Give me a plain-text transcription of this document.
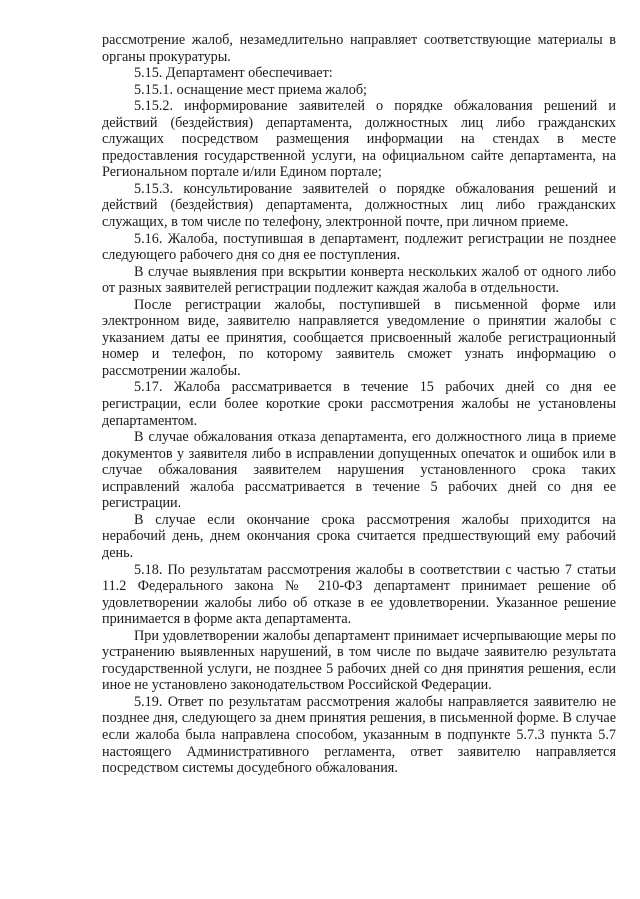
рассмотрение жалоб, незамедлительно направляет соответствующие материалы в органы прокуратуры.

5.15. Департамент обеспечивает:

5.15.1. оснащение мест приема жалоб;

5.15.2. информирование заявителей о порядке обжалования решений и действий (бездействия) департамента, должностных лиц либо гражданских служащих посредством размещения информации на стендах в месте предоставления государственной услуги, на официальном сайте департамента, на Региональном портале и/или Едином портале;

5.15.3. консультирование заявителей о порядке обжалования решений и действий (бездействия) департамента, должностных лиц либо гражданских служащих, в том числе по телефону, электронной почте, при личном приеме.

5.16. Жалоба, поступившая в департамент, подлежит регистрации не позднее следующего рабочего дня со дня ее поступления.

В случае выявления при вскрытии конверта нескольких жалоб от одного либо от разных заявителей регистрации подлежит каждая жалоба в отдельности.

После регистрации жалобы, поступившей в письменной форме или электронном виде, заявителю направляется уведомление о принятии жалобы с указанием даты ее принятия, сообщается присвоенный жалобе регистрационный номер и телефон, по которому заявитель сможет узнать информацию о рассмотрении жалобы.

5.17. Жалоба рассматривается в течение 15 рабочих дней со дня ее регистрации, если более короткие сроки рассмотрения жалобы не установлены департаментом.

В случае обжалования отказа департамента, его должностного лица в приеме документов у заявителя либо в исправлении допущенных опечаток и ошибок или в случае обжалования заявителем нарушения установленного срока таких исправлений жалоба рассматривается в течение 5 рабочих дней со дня ее регистрации.

В случае если окончание срока рассмотрения жалобы приходится на нерабочий день, днем окончания срока считается предшествующий ему рабочий день.

5.18. По результатам рассмотрения жалобы в соответствии с частью 7 статьи 11.2 Федерального закона № 210-ФЗ департамент принимает решение об удовлетворении жалобы либо об отказе в ее удовлетворении. Указанное решение принимается в форме акта департамента.

При удовлетворении жалобы департамент принимает исчерпывающие меры по устранению выявленных нарушений, в том числе по выдаче заявителю результата государственной услуги, не позднее 5 рабочих дней со дня принятия решения, если иное не установлено законодательством Российской Федерации.

5.19. Ответ по результатам рассмотрения жалобы направляется заявителю не позднее дня, следующего за днем принятия решения, в письменной форме. В случае если жалоба была направлена способом, указанным в подпункте 5.7.3 пункта 5.7 настоящего Административного регламента, ответ заявителю направляется посредством системы досудебного обжалования.
